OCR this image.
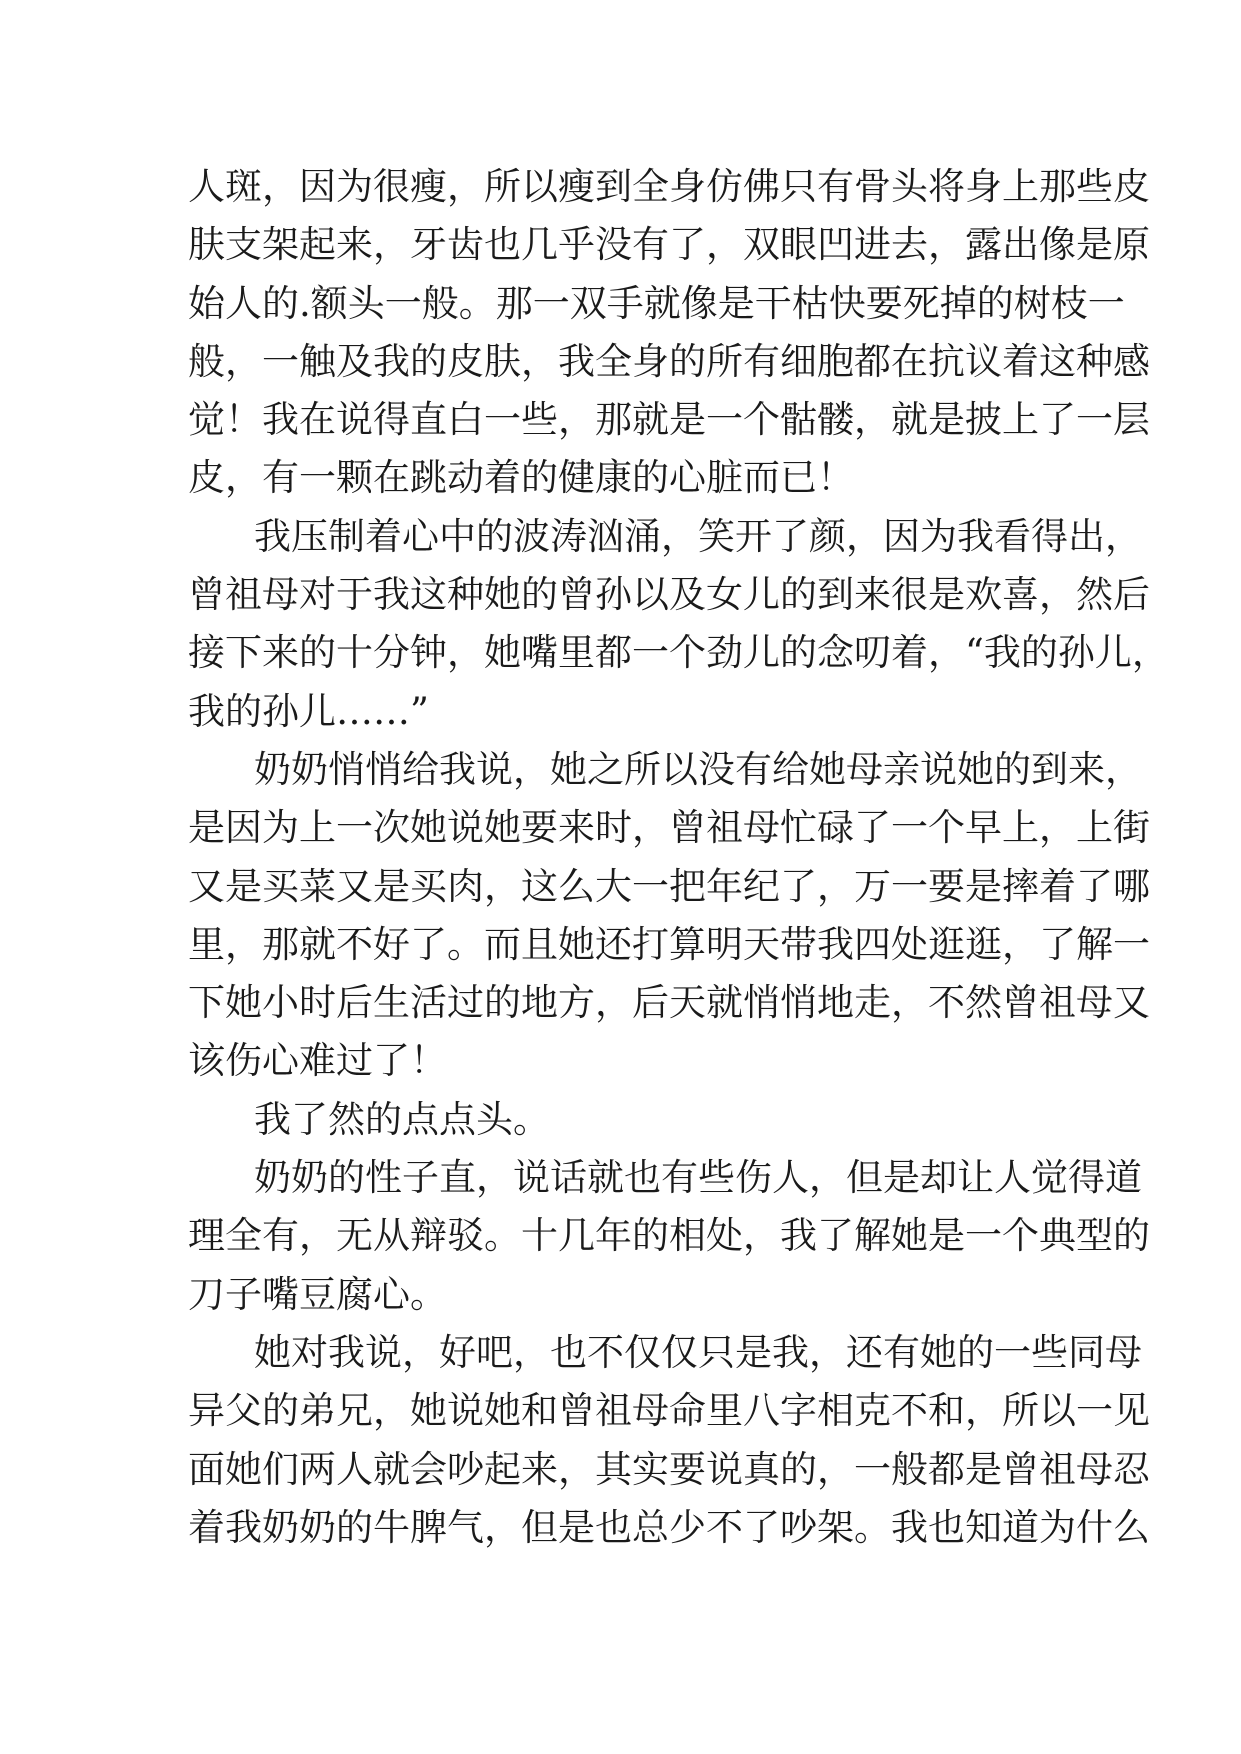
人斑，因为很瘦，所以瘦到全身仿佛只有骨头将身上那些皮
肤支架起来，牙齿也几乎没有了，双眼凹进去，露出像是原
始人的.额头一般。那一双手就像是干枯快要死掉的树枝一
般，一触及我的皮肤，我全身的所有细胞都在抗议着这种感
觉！我在说得直白一些，那就是一个骷髅，就是披上了一层
皮，有一颗在跳动着的健康的心脏而已！
我压制着心中的波涛汹涌，笑开了颜，因为我看得出，
曾祖母对于我这种她的曾孙以及女儿的到来很是欢喜，然后
接下来的十分钟，她嘴里都一个劲儿的念叨着，“我的孙儿，
我的孙儿……”
奶奶悄悄给我说，她之所以没有给她母亲说她的到来，
是因为上一次她说她要来时，曾祖母忙碌了一个早上，上街
又是买菜又是买肉，这么大一把年纪了，万一要是摔着了哪
里，那就不好了。而且她还打算明天带我四处逛逛，了解一
下她小时后生活过的地方，后天就悄悄地走，不然曾祖母又
该伤心难过了！
我了然的点点头。
奶奶的性子直，说话就也有些伤人，但是却让人觉得道
理全有，无从辩驳。十几年的相处，我了解她是一个典型的
刀子嘴豆腐心。
她对我说，好吧，也不仅仅只是我，还有她的一些同母
异父的弟兄，她说她和曾祖母命里八字相克不和，所以一见
面她们两人就会吵起来，其实要说真的，一般都是曾祖母忍
着我奶奶的牛脾气，但是也总少不了吵架。我也知道为什么
